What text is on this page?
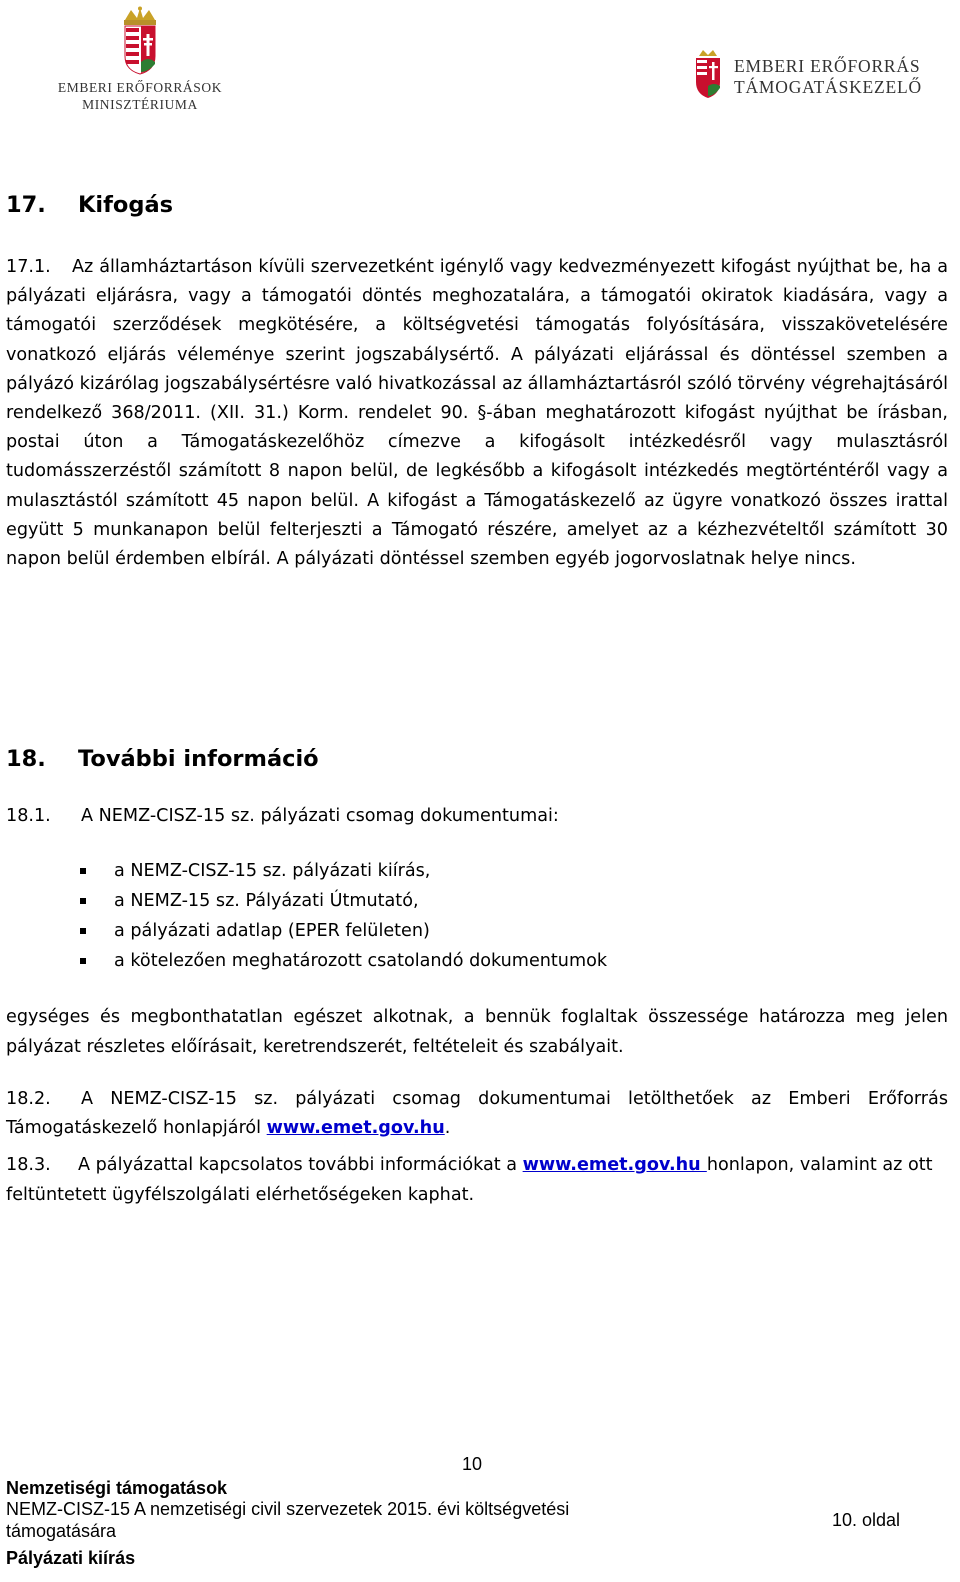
EMBERI ERŐFORRÁSOK
MINISZTÉRIUMA
EMBERI ERŐFORRÁS
TÁMOGATÁSKEZELŐ
17. Kifogás
17.1. Az államháztartáson kívüli szervezetként igénylő vagy kedvezményezett kifogást nyújthat be, ha a pályázati eljárásra, vagy a támogatói döntés meghozatalára, a támogatói okiratok kiadására, vagy a támogatói szerződések megkötésére, a költségvetési támogatás folyósítására, visszakövetelésére vonatkozó eljárás véleménye szerint jogszabálysértő. A pályázati eljárással és döntéssel szemben a pályázó kizárólag jogszabálysértésre való hivatkozással az államháztartásról szóló törvény végrehajtásáról rendelkező 368/2011. (XII. 31.) Korm. rendelet 90. §-ában meghatározott kifogást nyújthat be írásban, postai úton a Támogatáskezelőhöz címezve a kifogásolt intézkedésről vagy mulasztásról tudomásszerzéstől számított 8 napon belül, de legkésőbb a kifogásolt intézkedés megtörténtéről vagy a mulasztástól számított 45 napon belül. A kifogást a Támogatáskezelő az ügyre vonatkozó összes irattal együtt 5 munkanapon belül felterjeszti a Támogató részére, amelyet az a kézhezvételtől számított 30 napon belül érdemben elbírál. A pályázati döntéssel szemben egyéb jogorvoslatnak helye nincs.
18. További információ
18.1. A NEMZ-CISZ-15 sz. pályázati csomag dokumentumai:
a NEMZ-CISZ-15 sz. pályázati kiírás,
a NEMZ-15 sz. Pályázati Útmutató,
a pályázati adatlap (EPER felületen)
a kötelezően meghatározott csatolandó dokumentumok
egységes és megbonthatatlan egészet alkotnak, a bennük foglaltak összessége határozza meg jelen pályázat részletes előírásait, keretrendszerét, feltételeit és szabályait.
18.2. A NEMZ-CISZ-15 sz. pályázati csomag dokumentumai letölthetőek az Emberi Erőforrás Támogatáskezelő honlapjáról www.emet.gov.hu.
18.3. A pályázattal kapcsolatos további információkat a www.emet.gov.hu honlapon, valamint az ott feltüntetett ügyfélszolgálati elérhetőségeken kaphat.
10
Nemzetiségi támogatások
NEMZ-CISZ-15 A nemzetiségi civil szervezetek 2015. évi költségvetési
támogatására
Pályázati kiírás
10. oldal
